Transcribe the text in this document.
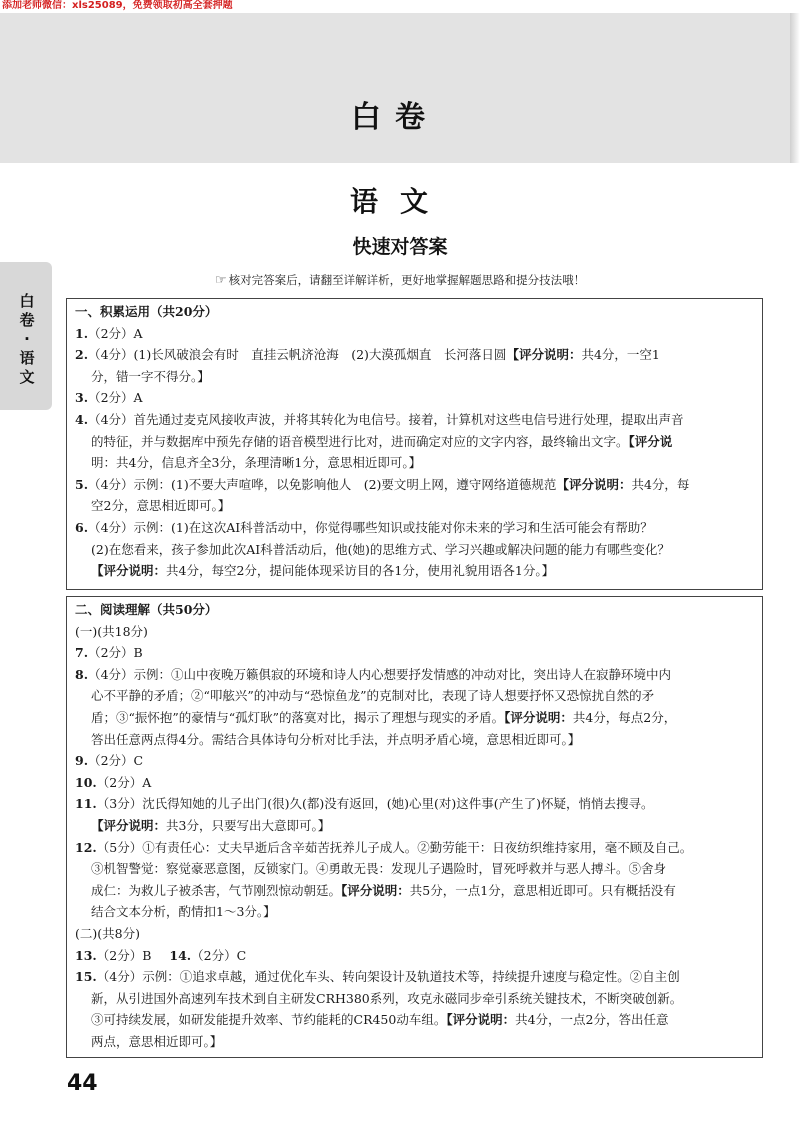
添加老师微信：xls25089，免费领取初高全套押题
白卷
语文
快速对答案
☞ 核对完答案后，请翻至详解详析，更好地掌握解题思路和提分技法哦！
白
卷
·
语
文
一、积累运用（共20分）
1.（2分）A
2.（4分）(1)长风破浪会有时　直挂云帆济沧海　(2)大漠孤烟直　长河落日圆【评分说明：共4分，一空1
分，错一字不得分。】
3.（2分）A
4.（4分）首先通过麦克风接收声波，并将其转化为电信号。接着，计算机对这些电信号进行处理，提取出声音
的特征，并与数据库中预先存储的语音模型进行比对，进而确定对应的文字内容，最终输出文字。【评分说
明：共4分，信息齐全3分，条理清晰1分，意思相近即可。】
5.（4分）示例：(1)不要大声喧哗，以免影响他人　(2)要文明上网，遵守网络道德规范【评分说明：共4分，每
空2分，意思相近即可。】
6.（4分）示例：(1)在这次AI科普活动中，你觉得哪些知识或技能对你未来的学习和生活可能会有帮助？
(2)在您看来，孩子参加此次AI科普活动后，他(她)的思维方式、学习兴趣或解决问题的能力有哪些变化？
【评分说明：共4分，每空2分，提问能体现采访目的各1分，使用礼貌用语各1分。】
二、阅读理解（共50分）
(一)(共18分)
7.（2分）B
8.（4分）示例：①山中夜晚万籁俱寂的环境和诗人内心想要抒发情感的冲动对比，突出诗人在寂静环境中内
心不平静的矛盾；②“叩舷兴”的冲动与“恐惊鱼龙”的克制对比，表现了诗人想要抒怀又恐惊扰自然的矛
盾；③“振怀抱”的豪情与“孤灯耿”的落寞对比，揭示了理想与现实的矛盾。【评分说明：共4分，每点2分，
答出任意两点得4分。需结合具体诗句分析对比手法，并点明矛盾心境，意思相近即可。】
9.（2分）C
10.（2分）A
11.（3分）沈氏得知她的儿子出门(很)久(都)没有返回，(她)心里(对)这件事(产生了)怀疑，悄悄去搜寻。
【评分说明：共3分，只要写出大意即可。】
12.（5分）①有责任心：丈夫早逝后含辛茹苦抚养儿子成人。②勤劳能干：日夜纺织维持家用，毫不顾及自己。
③机智警觉：察觉豪恶意图，反锁家门。④勇敢无畏：发现儿子遇险时，冒死呼救并与恶人搏斗。⑤舍身
成仁：为救儿子被杀害，气节刚烈惊动朝廷。【评分说明：共5分，一点1分，意思相近即可。只有概括没有
结合文本分析，酌情扣1～3分。】
(二)(共8分)
13.（2分）B 14.（2分）C
15.（4分）示例：①追求卓越，通过优化车头、转向架设计及轨道技术等，持续提升速度与稳定性。②自主创
新，从引进国外高速列车技术到自主研发CRH380系列，攻克永磁同步牵引系统关键技术，不断突破创新。
③可持续发展，如研发能提升效率、节约能耗的CR450动车组。【评分说明：共4分，一点2分，答出任意
两点，意思相近即可。】
44
